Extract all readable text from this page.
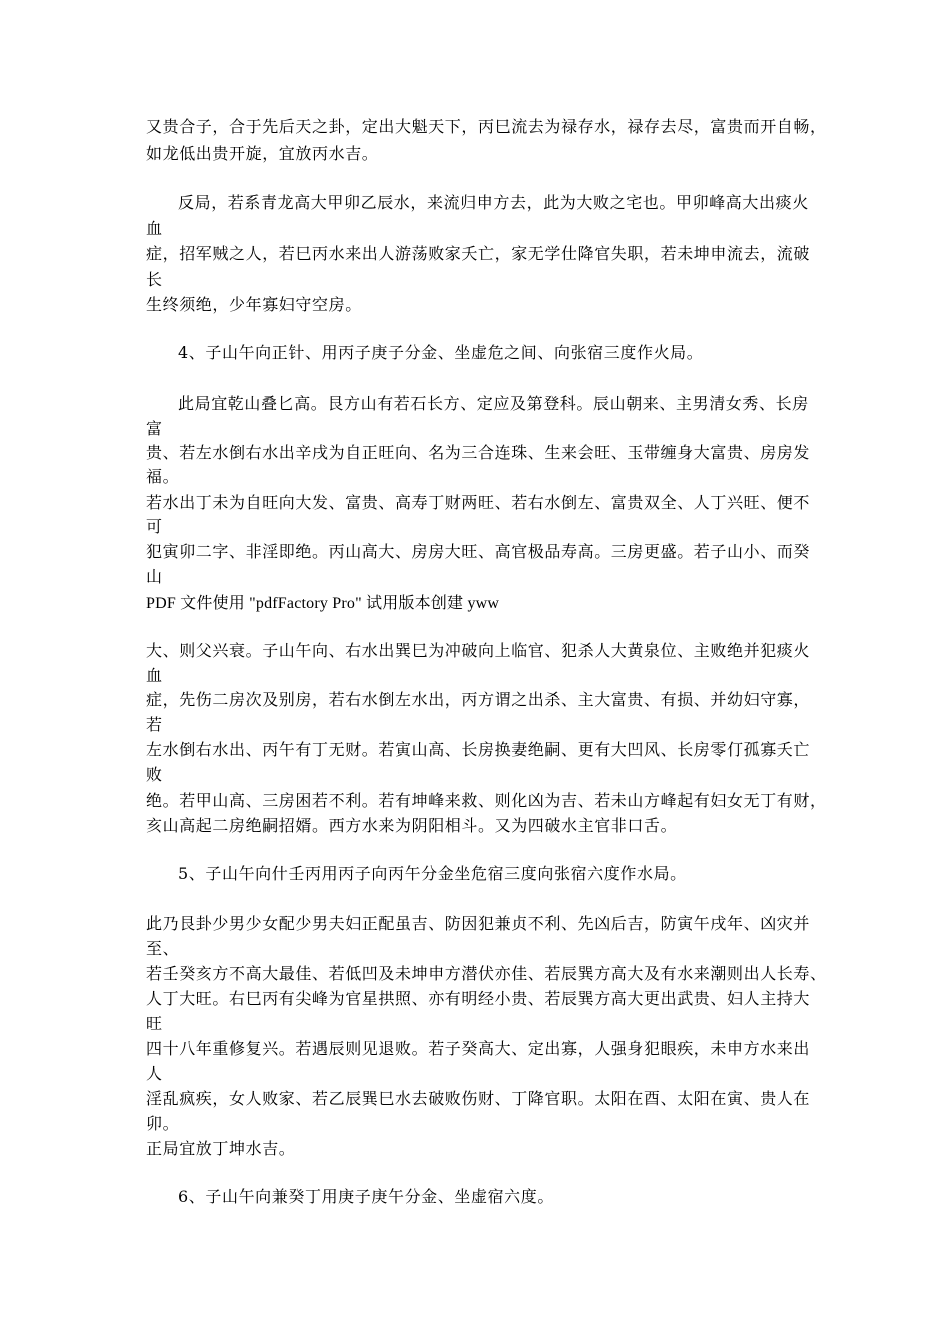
又贵合子，合于先后天之卦，定出大魁天下，丙巳流去为禄存水，禄存去尽，富贵而开自畅，
如龙低出贵开旋，宜放丙水吉。
反局，若系青龙高大甲卯乙辰水，来流归申方去，此为大败之宅也。甲卯峰高大出痰火
血
症，招军贼之人，若巳丙水来出人游荡败家夭亡，家无学仕降官失职，若未坤申流去，流破
长
生终须绝，少年寡妇守空房。
4、子山午向正针、用丙子庚子分金、坐虚危之间、向张宿三度作火局。
此局宜乾山叠匕高。艮方山有若石长方、定应及第登科。辰山朝来、主男清女秀、长房
富
贵、若左水倒右水出辛戌为自正旺向、名为三合连珠、生来会旺、玉带缠身大富贵、房房发
福。
若水出丁未为自旺向大发、富贵、高寿丁财两旺、若右水倒左、富贵双全、人丁兴旺、便不
可
犯寅卯二字、非淫即绝。丙山高大、房房大旺、高官极品寿高。三房更盛。若子山小、而癸
山
PDF 文件使用 "pdfFactory Pro" 试用版本创建 yww
大、则父兴衰。子山午向、右水出巽巳为冲破向上临官、犯杀人大黄泉位、主败绝并犯痰火
血
症，先伤二房次及别房，若右水倒左水出，丙方谓之出杀、主大富贵、有损、并幼妇守寡，
若
左水倒右水出、丙午有丁无财。若寅山高、长房换妻绝嗣、更有大凹风、长房零仃孤寡夭亡
败
绝。若甲山高、三房困若不利。若有坤峰来救、则化凶为吉、若未山方峰起有妇女无丁有财，
亥山高起二房绝嗣招婿。西方水来为阴阳相斗。又为四破水主官非口舌。
5、子山午向什壬丙用丙子向丙午分金坐危宿三度向张宿六度作水局。
此乃艮卦少男少女配少男夫妇正配虽吉、防因犯兼贞不利、先凶后吉，防寅午戌年、凶灾并
至、
若壬癸亥方不高大最佳、若低凹及未坤申方潜伏亦佳、若辰巽方高大及有水来潮则出人长寿、
人丁大旺。右巳丙有尖峰为官星拱照、亦有明经小贵、若辰巽方高大更出武贵、妇人主持大
旺
四十八年重修复兴。若遇辰则见退败。若子癸高大、定出寡，人强身犯眼疾，未申方水来出
人
淫乱疯疾，女人败家、若乙辰巽巳水去破败伤财、丁降官职。太阳在酉、太阳在寅、贵人在
卯。
正局宜放丁坤水吉。
6、子山午向兼癸丁用庚子庚午分金、坐虚宿六度。
